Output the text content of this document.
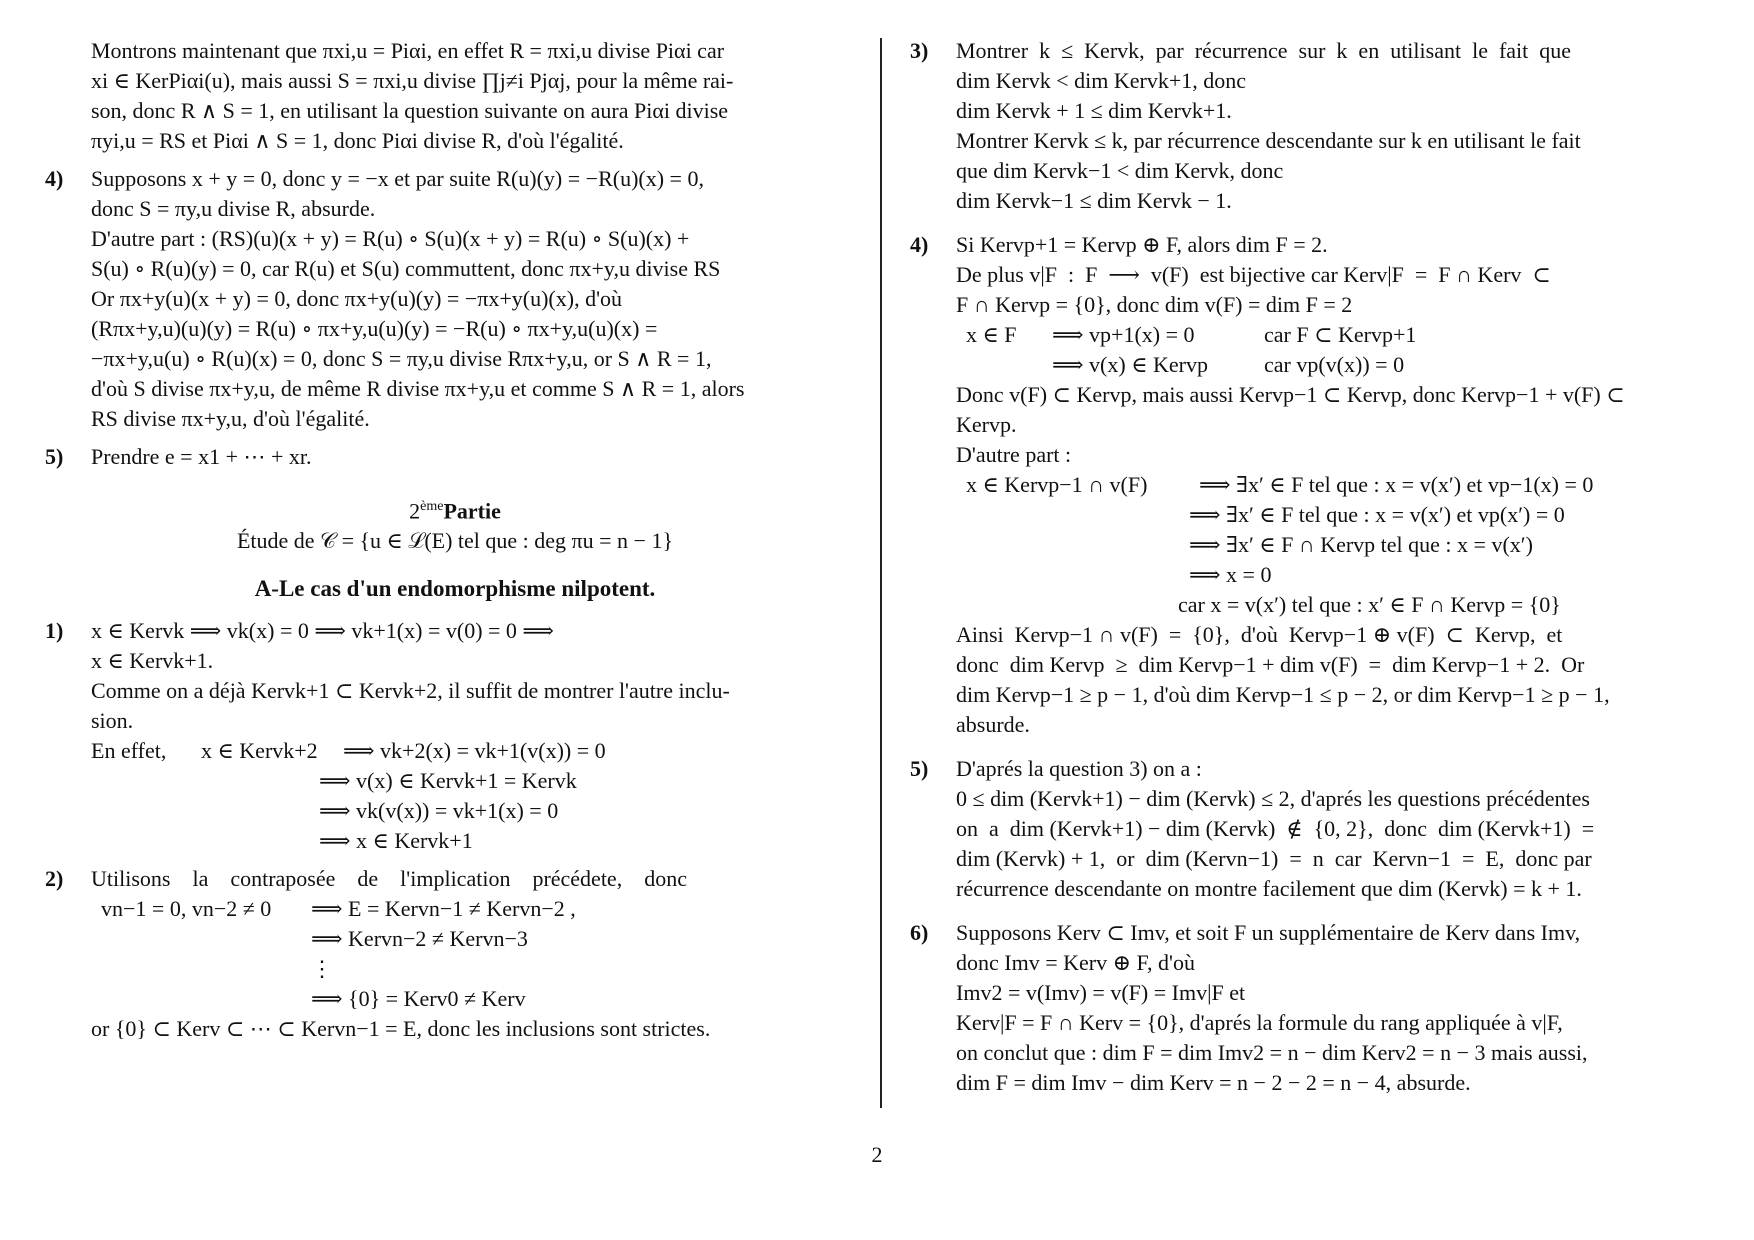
Montrons maintenant que πxi,u = Piαi, en effet R = πxi,u divise Piαi car
xi ∈ KerPiαi(u), mais aussi S = πxi,u divise ∏j≠i Pjαj, pour la même rai-
son, donc R ∧ S = 1, en utilisant la question suivante on aura Piαi divise
πyi,u = RS et Piαi ∧ S = 1, donc Piαi divise R, d'où l'égalité.
4) Supposons x + y = 0, donc y = −x et par suite R(u)(y) = −R(u)(x) = 0,
donc S = πy,u divise R, absurde.
D'autre part : (RS)(u)(x + y) = R(u) ∘ S(u)(x + y) = R(u) ∘ S(u)(x) +
S(u) ∘ R(u)(y) = 0, car R(u) et S(u) commuttent, donc πx+y,u divise RS
Or πx+y(u)(x + y) = 0, donc πx+y(u)(y) = −πx+y(u)(x), d'où
(Rπx+y,u)(u)(y) = R(u) ∘ πx+y,u(u)(y) = −R(u) ∘ πx+y,u(u)(x) =
−πx+y,u(u) ∘ R(u)(x) = 0, donc S = πy,u divise Rπx+y,u, or S ∧ R = 1,
d'où S divise πx+y,u, de même R divise πx+y,u et comme S ∧ R = 1, alors
RS divise πx+y,u, d'où l'égalité.
5) Prendre e = x1 + ⋯ + xr.
2èmePartie
Étude de 𝒞 = {u ∈ ℒ(E) tel que : deg πu = n − 1}
A-Le cas d'un endomorphisme nilpotent.
1) x ∈ Kervk ⟹ vk(x) = 0 ⟹ vk+1(x) = v(0) = 0 ⟹
x ∈ Kervk+1.
Comme on a déjà Kervk+1 ⊂ Kervk+2, il suffit de montrer l'autre inclu-
sion.
En effet,	x ∈ Kervk+2	⟹ vk+2(x) = vk+1(v(x)) = 0
⟹ v(x) ∈ Kervk+1 = Kervk
⟹ vk(v(x)) = vk+1(x) = 0
⟹ x ∈ Kervk+1
2) Utilisons    la    contraposée    de    l'implication    précédete,    donc
vn−1 = 0, vn−2 ≠ 0	⟹ E = Kervn−1 ≠ Kervn−2 ,
⟹ Kervn−2 ≠ Kervn−3
⋮
⟹ {0} = Kerv0 ≠ Kerv
or {0} ⊂ Kerv ⊂ ⋯ ⊂ Kervn−1 = E, donc les inclusions sont strictes.
3) Montrer  k  ≤  Kervk,  par  récurrence  sur  k  en  utilisant  le  fait  que
dim Kervk < dim Kervk+1, donc
dim Kervk + 1 ≤ dim Kervk+1.
Montrer Kervk ≤ k, par récurrence descendante sur k en utilisant le fait
que dim Kervk−1 < dim Kervk, donc
dim Kervk−1 ≤ dim Kervk − 1.
4) Si Kervp+1 = Kervp ⊕ F, alors dim F = 2.
De plus v|F  :  F  ⟶  v(F)  est bijective car Kerv|F  =  F ∩ Kerv  ⊂
F ∩ Kervp = {0}, donc dim v(F) = dim F = 2
x ∈ F	⟹ vp+1(x) = 0	car F ⊂ Kervp+1
⟹ v(x) ∈ Kervp	car vp(v(x)) = 0
Donc v(F) ⊂ Kervp, mais aussi Kervp−1 ⊂ Kervp, donc Kervp−1 + v(F) ⊂
Kervp.
D'autre part :
x ∈ Kervp−1 ∩ v(F)	⟹ ∃x′ ∈ F tel que : x = v(x′) et vp−1(x) = 0
⟹ ∃x′ ∈ F tel que : x = v(x′) et vp(x′) = 0
⟹ ∃x′ ∈ F ∩ Kervp tel que : x = v(x′)
⟹ x = 0
car x = v(x′) tel que : x′ ∈ F ∩ Kervp = {0}
Ainsi  Kervp−1 ∩ v(F)  =  {0},  d'où  Kervp−1 ⊕ v(F)  ⊂  Kervp,  et
donc  dim Kervp  ≥  dim Kervp−1 + dim v(F)  =  dim Kervp−1 + 2.  Or
dim Kervp−1 ≥ p − 1, d'où dim Kervp−1 ≤ p − 2, or dim Kervp−1 ≥ p − 1,
absurde.
5) D'aprés la question 3) on a :
0 ≤ dim (Kervk+1) − dim (Kervk) ≤ 2, d'aprés les questions précédentes
on  a  dim (Kervk+1) − dim (Kervk)  ∉  {0, 2},  donc  dim (Kervk+1)  =
dim (Kervk) + 1,  or  dim (Kervn−1)  =  n  car  Kervn−1  =  E,  donc par
récurrence descendante on montre facilement que dim (Kervk) = k + 1.
6) Supposons Kerv ⊂ Imv, et soit F un supplémentaire de Kerv dans Imv,
donc Imv = Kerv ⊕ F, d'où
Imv2 = v(Imv) = v(F) = Imv|F et
Kerv|F = F ∩ Kerv = {0}, d'aprés la formule du rang appliquée à v|F,
on conclut que : dim F = dim Imv2 = n − dim Kerv2 = n − 3 mais aussi,
dim F = dim Imv − dim Kerv = n − 2 − 2 = n − 4, absurde.
2
